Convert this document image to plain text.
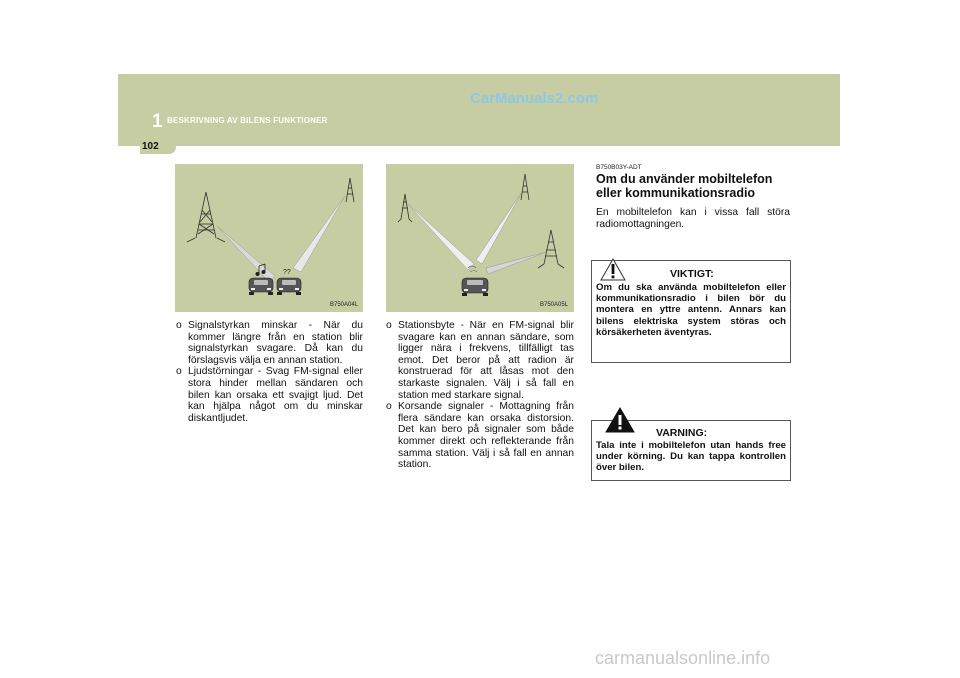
CarManuals2.com
1 BESKRIVNING AV BILENS FUNKTIONER
102
??
B750A04L	B750A05L
o Signalstyrkan minskar - När du kommer längre från en station blir signalstyrkan svagare. Då kan du förslagsvis välja en annan station.
o Ljudstörningar - Svag FM-signal eller stora hinder mellan sändaren och bilen kan orsaka ett svajigt ljud. Det kan hjälpa något om du minskar diskantljudet.
o Stationsbyte - När en FM-signal blir svagare kan en annan sändare, som ligger nära i frekvens, tillfälligt tas emot. Det beror på att radion är konstruerad för att låsas mot den starkaste signalen. Välj i så fall en station med starkare signal.
o Korsande signaler - Mottagning från flera sändare kan orsaka distorsion. Det kan bero på signaler som både kommer direkt och reflekterande från samma station. Välj i så fall en annan station.
B750B03Y-ADT
Om du använder mobiltelefon eller kommunikationsradio
En mobiltelefon kan i vissa fall störa radiomottagningen.
VIKTIGT:
Om du ska använda mobiltelefon eller kommunikationsradio i bilen bör du montera en yttre antenn. Annars kan bilens elektriska system störas och körsäkerheten äventyras.
VARNING:
Tala inte i mobiltelefon utan hands free under körning. Du kan tappa kontrollen över bilen.
carmanualsonline.info
